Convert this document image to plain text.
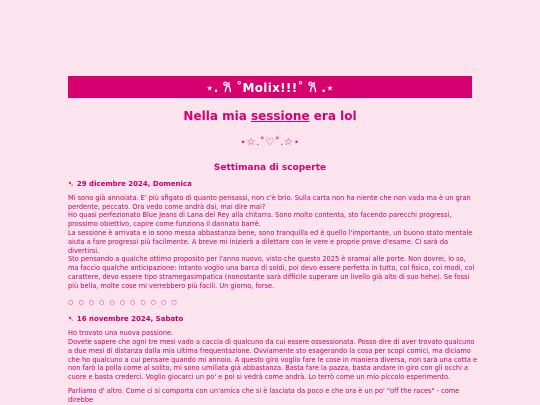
⋆. 𐙚 ˚Molix!!!˚ 𐙚 .⋆
Nella mia sessione era lol
⋆☆.˚♡˚.☆⋆
Settimana di scoperte
➷ 29 dicembre 2024, Domenica
Mi sono già annoiata. E' più sfigato di quanto pensassi, non c'è brio. Sulla carta non ha niente che non vada ma è un gran perdente, peccato. Ora vedo come andrà dai, mai dire mai?
Ho quasi perfezionato Blue Jeans di Lana del Rey alla chitarra. Sono molto contenta, sto facendo parecchi progressi, prossimo obiettivo, capire come funziona il dannato barrè.
La sessione è arrivata e io sono messa abbastanza bene, sono tranquilla ed è quello l'importante, un buono stato mentale aiuta a fare progressi più facilmente. A breve mi inizierò a dilettare con le vere e proprie prove d'esame. Ci sarà da divertirsi.
Sto pensando a qualche ottimo proposito per l'anno nuovo, visto che questo 2025 è oramai alle porte. Non dovrei, lo so, ma faccio qualche anticipazione: intanto voglio una barca di soldi, poi devo essere perfetta in tutto, col fisico, coi modi, col carattere, devo essere tipo stramegasimpatica (nonostante sarà difficile superare un livello già alto di suo hehe). Se fossi più bella, molte cose mi verrebbero più facili. Un giorno, forse.
○ ○ ○ ○ ○ ○ ○ ○ ○ ○ ○
➷ 16 novembre 2024, Sabato
Ho trovato una nuova passione.
Dovete sapere che ogni tre mesi vado a caccia di qualcuno da cui essere ossessionata. Posso dire di aver trovato qualcuno a due mesi di distanza dalla mia ultima frequentazione. Ovviamente sto esagerando la cosa per scopi comici, ma diciamo che ho qualcuno a cui pensare quando mi annoio. A questo giro voglio fare le cose in maniera diversa, non sarà una cotta e non farò la polla come al solito, mi sono umiliata già abbastanza. Basta fare la pazza, basta andare in giro con gli occhi a cuore e basta crederci. Voglio giocarci un po' e poi si vedrà come andrà. Lo terrò come un mio piccolo esperimento.
Parliamo d' altro. Come ci si comporta con un'amica che si è lasciata da poco e che ora è un po' "off the races" - come direbbe
